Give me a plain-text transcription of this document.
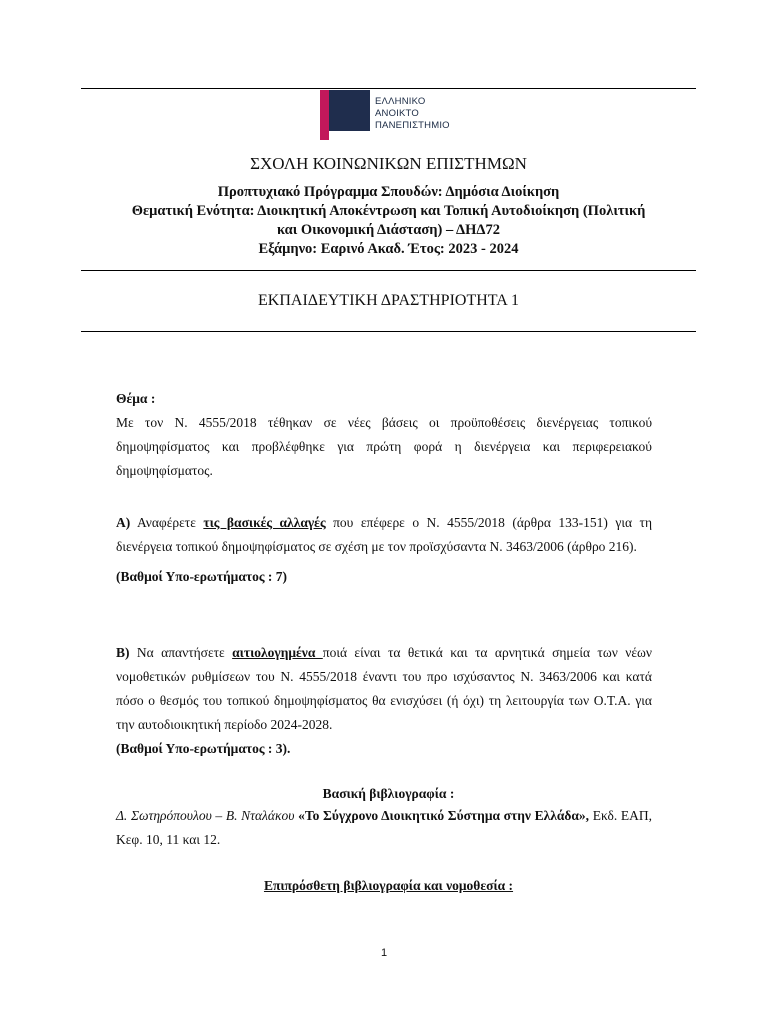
ΕΛΛΗΝΙΚΟ
ΑΝΟΙΚΤΟ
ΠΑΝΕΠΙΣΤΗΜΙΟ
ΣΧΟΛΗ ΚΟΙΝΩΝΙΚΩΝ ΕΠΙΣΤΗΜΩΝ
Προπτυχιακό Πρόγραμμα Σπουδών: Δημόσια Διοίκηση
Θεματική Ενότητα: Διοικητική Αποκέντρωση και Τοπική Αυτοδιοίκηση (Πολιτική
και Οικονομική Διάσταση) – ΔΗΔ72
Εξάμηνο: Εαρινό Ακαδ. Έτος: 2023 - 2024
ΕΚΠΑΙΔΕΥΤΙΚΗ ΔΡΑΣΤΗΡΙΟΤΗΤΑ 1
Θέμα :
Με τον Ν. 4555/2018 τέθηκαν σε νέες βάσεις οι προϋποθέσεις διενέργειας τοπικού δημοψηφίσματος και προβλέφθηκε για πρώτη φορά η διενέργεια και περιφερειακού δημοψηφίσματος.
Α) Αναφέρετε τις βασικές αλλαγές που επέφερε ο Ν. 4555/2018 (άρθρα 133-151) για τη διενέργεια τοπικού δημοψηφίσματος σε σχέση με τον προϊσχύσαντα Ν. 3463/2006 (άρθρο 216).
(Βαθμοί Υπο-ερωτήματος : 7)
Β) Να απαντήσετε αιτιολογημένα ποιά είναι τα θετικά και τα αρνητικά σημεία των νέων νομοθετικών ρυθμίσεων του Ν. 4555/2018 έναντι του προ ισχύσαντος Ν. 3463/2006 και κατά πόσο ο θεσμός του τοπικού δημοψηφίσματος θα ενισχύσει (ή όχι) τη λειτουργία των Ο.Τ.Α. για την αυτοδιοικητική περίοδο 2024-2028.
(Βαθμοί Υπο-ερωτήματος : 3).
Βασική βιβλιογραφία :
Δ. Σωτηρόπουλου – Β. Νταλάκου «Το Σύγχρονο Διοικητικό Σύστημα στην Ελλάδα», Εκδ. ΕΑΠ, Κεφ. 10, 11 και 12.
Επιπρόσθετη βιβλιογραφία και νομοθεσία :
1
